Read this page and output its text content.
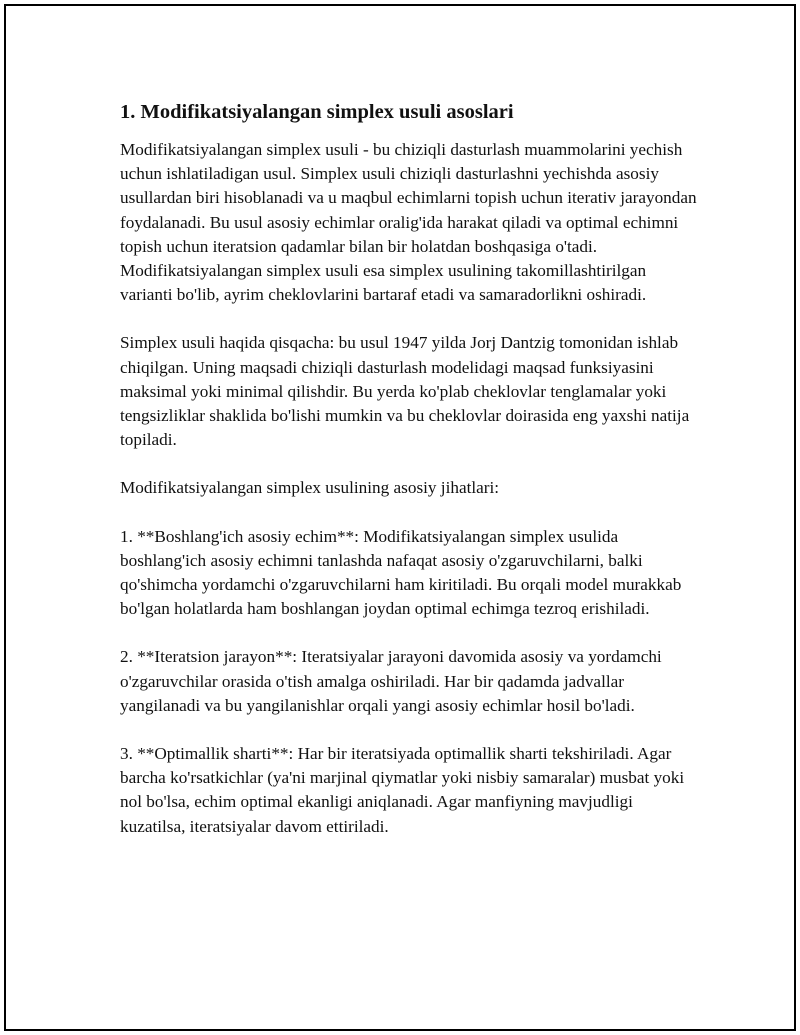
1. Modifikatsiyalangan simplex usuli asoslari

Modifikatsiyalangan simplex usuli - bu chiziqli dasturlash muammolarini yechish uchun ishlatiladigan usul. Simplex usuli chiziqli dasturlashni yechishda asosiy usullardan biri hisoblanadi va u maqbul echimlarni topish uchun iterativ jarayondan foydalanadi. Bu usul asosiy echimlar oralig'ida harakat qiladi va optimal echimni topish uchun iteratsion qadamlar bilan bir holatdan boshqasiga o'tadi. Modifikatsiyalangan simplex usuli esa simplex usulining takomillashtirilgan varianti bo'lib, ayrim cheklovlarini bartaraf etadi va samaradorlikni oshiradi.

Simplex usuli haqida qisqacha: bu usul 1947 yilda Jorj Dantzig tomonidan ishlab chiqilgan. Uning maqsadi chiziqli dasturlash modelidagi maqsad funksiyasini maksimal yoki minimal qilishdir. Bu yerda ko'plab cheklovlar tenglamalar yoki tengsizliklar shaklida bo'lishi mumkin va bu cheklovlar doirasida eng yaxshi natija topiladi.

Modifikatsiyalangan simplex usulining asosiy jihatlari:

1. **Boshlang'ich asosiy echim**: Modifikatsiyalangan simplex usulida boshlang'ich asosiy echimni tanlashda nafaqat asosiy o'zgaruvchilarni, balki qo'shimcha yordamchi o'zgaruvchilarni ham kiritiladi. Bu orqali model murakkab bo'lgan holatlarda ham boshlangan joydan optimal echimga tezroq erishiladi.

2. **Iteratsion jarayon**: Iteratsiyalar jarayoni davomida asosiy va yordamchi o'zgaruvchilar orasida o'tish amalga oshiriladi. Har bir qadamda jadvallar yangilanadi va bu yangilanishlar orqali yangi asosiy echimlar hosil bo'ladi.

3. **Optimallik sharti**: Har bir iteratsiyada optimallik sharti tekshiriladi. Agar barcha ko'rsatkichlar (ya'ni marjinal qiymatlar yoki nisbiy samaralar) musbat yoki nol bo'lsa, echim optimal ekanligi aniqlanadi. Agar manfiyning mavjudligi kuzatilsa, iteratsiyalar davom ettiriladi.
